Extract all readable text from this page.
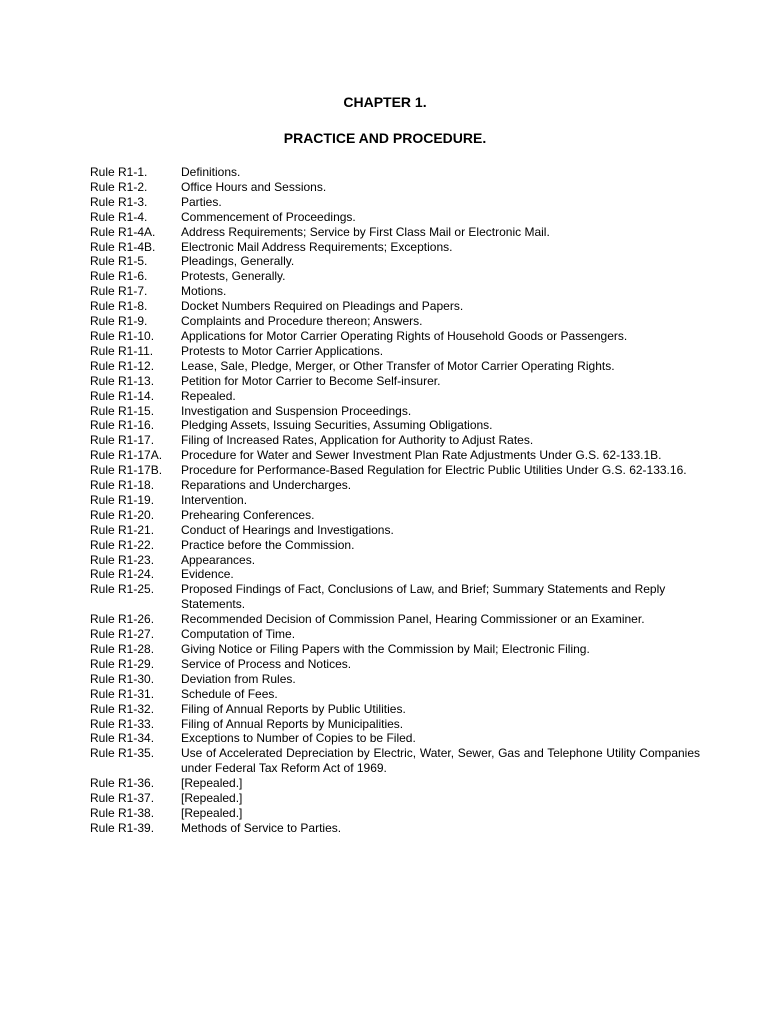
CHAPTER 1.
PRACTICE AND PROCEDURE.
Rule R1-1.	Definitions.
Rule R1-2.	Office Hours and Sessions.
Rule R1-3.	Parties.
Rule R1-4.	Commencement of Proceedings.
Rule R1-4A.	Address Requirements; Service by First Class Mail or Electronic Mail.
Rule R1-4B.	Electronic Mail Address Requirements; Exceptions.
Rule R1-5.	Pleadings, Generally.
Rule R1-6.	Protests, Generally.
Rule R1-7.	Motions.
Rule R1-8.	Docket Numbers Required on Pleadings and Papers.
Rule R1-9.	Complaints and Procedure thereon; Answers.
Rule R1-10.	Applications for Motor Carrier Operating Rights of Household Goods or Passengers.
Rule R1-11.	Protests to Motor Carrier Applications.
Rule R1-12.	Lease, Sale, Pledge, Merger, or Other Transfer of Motor Carrier Operating Rights.
Rule R1-13.	Petition for Motor Carrier to Become Self-insurer.
Rule R1-14.	Repealed.
Rule R1-15.	Investigation and Suspension Proceedings.
Rule R1-16.	Pledging Assets, Issuing Securities, Assuming Obligations.
Rule R1-17.	Filing of Increased Rates, Application for Authority to Adjust Rates.
Rule R1-17A.	Procedure for Water and Sewer Investment Plan Rate Adjustments Under G.S. 62-133.1B.
Rule R1-17B.	Procedure for Performance-Based Regulation for Electric Public Utilities Under G.S. 62-133.16.
Rule R1-18.	Reparations and Undercharges.
Rule R1-19.	Intervention.
Rule R1-20.	Prehearing Conferences.
Rule R1-21.	Conduct of Hearings and Investigations.
Rule R1-22.	Practice before the Commission.
Rule R1-23.	Appearances.
Rule R1-24.	Evidence.
Rule R1-25.	Proposed Findings of Fact, Conclusions of Law, and Brief; Summary Statements and Reply Statements.
Rule R1-26.	Recommended Decision of Commission Panel, Hearing Commissioner or an Examiner.
Rule R1-27.	Computation of Time.
Rule R1-28.	Giving Notice or Filing Papers with the Commission by Mail; Electronic Filing.
Rule R1-29.	Service of Process and Notices.
Rule R1-30.	Deviation from Rules.
Rule R1-31.	Schedule of Fees.
Rule R1-32.	Filing of Annual Reports by Public Utilities.
Rule R1-33.	Filing of Annual Reports by Municipalities.
Rule R1-34.	Exceptions to Number of Copies to be Filed.
Rule R1-35.	Use of Accelerated Depreciation by Electric, Water, Sewer, Gas and Telephone Utility Companies under Federal Tax Reform Act of 1969.
Rule R1-36.	[Repealed.]
Rule R1-37.	[Repealed.]
Rule R1-38.	[Repealed.]
Rule R1-39.	Methods of Service to Parties.
